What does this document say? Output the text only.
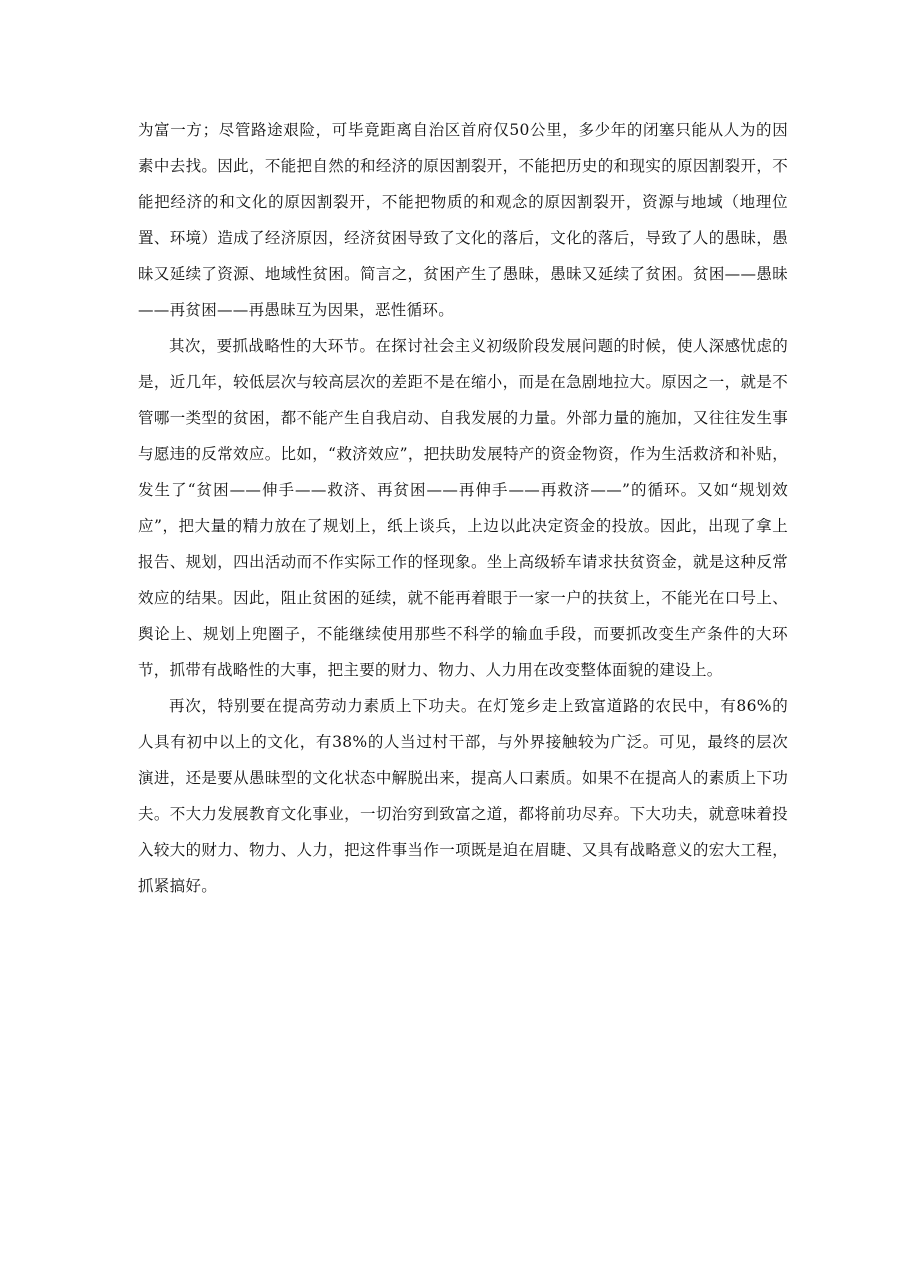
为富一方；尽管路途艰险，可毕竟距离自治区首府仅50公里，多少年的闭塞只能从人为的因素中去找。因此，不能把自然的和经济的原因割裂开，不能把历史的和现实的原因割裂开，不能把经济的和文化的原因割裂开，不能把物质的和观念的原因割裂开，资源与地域（地理位置、环境）造成了经济原因，经济贫困导致了文化的落后，文化的落后，导致了人的愚昧，愚昧又延续了资源、地域性贫困。简言之，贫困产生了愚昧，愚昧又延续了贫困。贫困——愚昧——再贫困——再愚昧互为因果，恶性循环。

其次，要抓战略性的大环节。在探讨社会主义初级阶段发展问题的时候，使人深感忧虑的是，近几年，较低层次与较高层次的差距不是在缩小，而是在急剧地拉大。原因之一，就是不管哪一类型的贫困，都不能产生自我启动、自我发展的力量。外部力量的施加，又往往发生事与愿违的反常效应。比如，“救济效应”，把扶助发展特产的资金物资，作为生活救济和补贴，发生了“贫困——伸手——救济、再贫困——再伸手——再救济——”的循环。又如“规划效应”，把大量的精力放在了规划上，纸上谈兵，上边以此决定资金的投放。因此，出现了拿上报告、规划，四出活动而不作实际工作的怪现象。坐上高级轿车请求扶贫资金，就是这种反常效应的结果。因此，阻止贫困的延续，就不能再着眼于一家一户的扶贫上，不能光在口号上、舆论上、规划上兜圈子，不能继续使用那些不科学的输血手段，而要抓改变生产条件的大环节，抓带有战略性的大事，把主要的财力、物力、人力用在改变整体面貌的建设上。

再次，特别要在提高劳动力素质上下功夫。在灯笼乡走上致富道路的农民中，有86%的人具有初中以上的文化，有38%的人当过村干部，与外界接触较为广泛。可见，最终的层次演进，还是要从愚昧型的文化状态中解脱出来，提高人口素质。如果不在提高人的素质上下功夫。不大力发展教育文化事业，一切治穷到致富之道，都将前功尽弃。下大功夫，就意味着投入较大的财力、物力、人力，把这件事当作一项既是迫在眉睫、又具有战略意义的宏大工程，抓紧搞好。
